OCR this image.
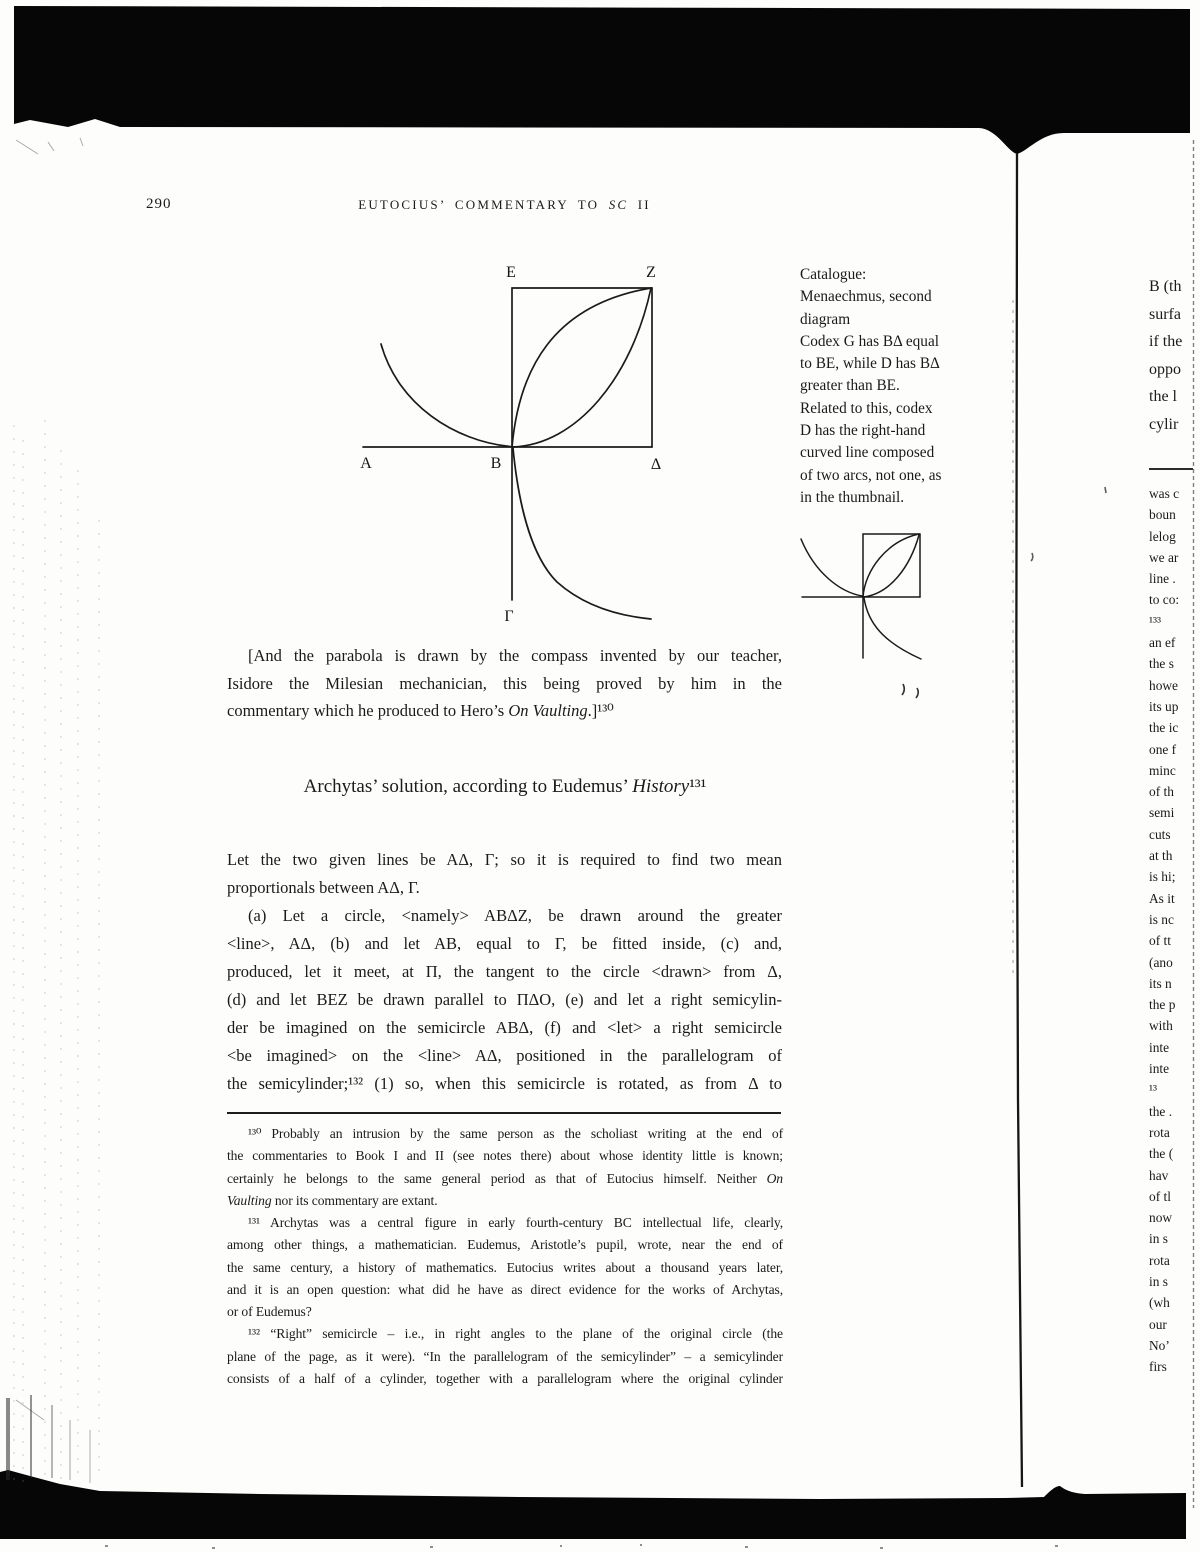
290	EUTOCIUS’ COMMENTARY TO SC II
E	Z
A	B	Δ
Γ
Catalogue:
Menaechmus, second
diagram
Codex G has BΔ equal
to BE, while D has BΔ
greater than BE.
Related to this, codex
D has the right-hand
curved line composed
of two arcs, not one, as
in the thumbnail.
[And the parabola is drawn by the compass invented by our teacher,
Isidore the Milesian mechanician, this being proved by him in the
commentary which he produced to Hero’s On Vaulting.]¹³⁰
Archytas’ solution, according to Eudemus’ History¹³¹
Let the two given lines be AΔ, Γ; so it is required to find two mean
proportionals between AΔ, Γ.
(a) Let a circle, <namely> ABΔZ, be drawn around the greater
<line>, AΔ, (b) and let AB, equal to Γ, be fitted inside, (c) and,
produced, let it meet, at Π, the tangent to the circle <drawn> from Δ,
(d) and let BEZ be drawn parallel to ΠΔO, (e) and let a right semicylin-
der be imagined on the semicircle ABΔ, (f) and <let> a right semicircle
<be imagined> on the <line> AΔ, positioned in the parallelogram of
the semicylinder;¹³² (1) so, when this semicircle is rotated, as from Δ to
¹³⁰ Probably an intrusion by the same person as the scholiast writing at the end of
the commentaries to Book I and II (see notes there) about whose identity little is known;
certainly he belongs to the same general period as that of Eutocius himself. Neither On
Vaulting nor its commentary are extant.
¹³¹ Archytas was a central figure in early fourth-century BC intellectual life, clearly,
among other things, a mathematician. Eudemus, Aristotle’s pupil, wrote, near the end of
the same century, a history of mathematics. Eutocius writes about a thousand years later,
and it is an open question: what did he have as direct evidence for the works of Archytas,
or of Eudemus?
¹³² “Right” semicircle – i.e., in right angles to the plane of the original circle (the
plane of the page, as it were). “In the parallelogram of the semicylinder” – a semicylinder
consists of a half of a cylinder, together with a parallelogram where the original cylinder
B (th
surfa
if the
oppo
the l
cylir
was c
boun
lelog
we ar
line .
to co:
¹³³
an ef
the s
howe
its up
the ic
one f
minc
of th
semi
cuts
at th
is hi;
As it
is nc
of tt
(ano
its n
the p
with
inte
inte
¹³
the .
rota
the (
hav
of tl
now
in s
rota
in s
(wh
our
No’
firs
